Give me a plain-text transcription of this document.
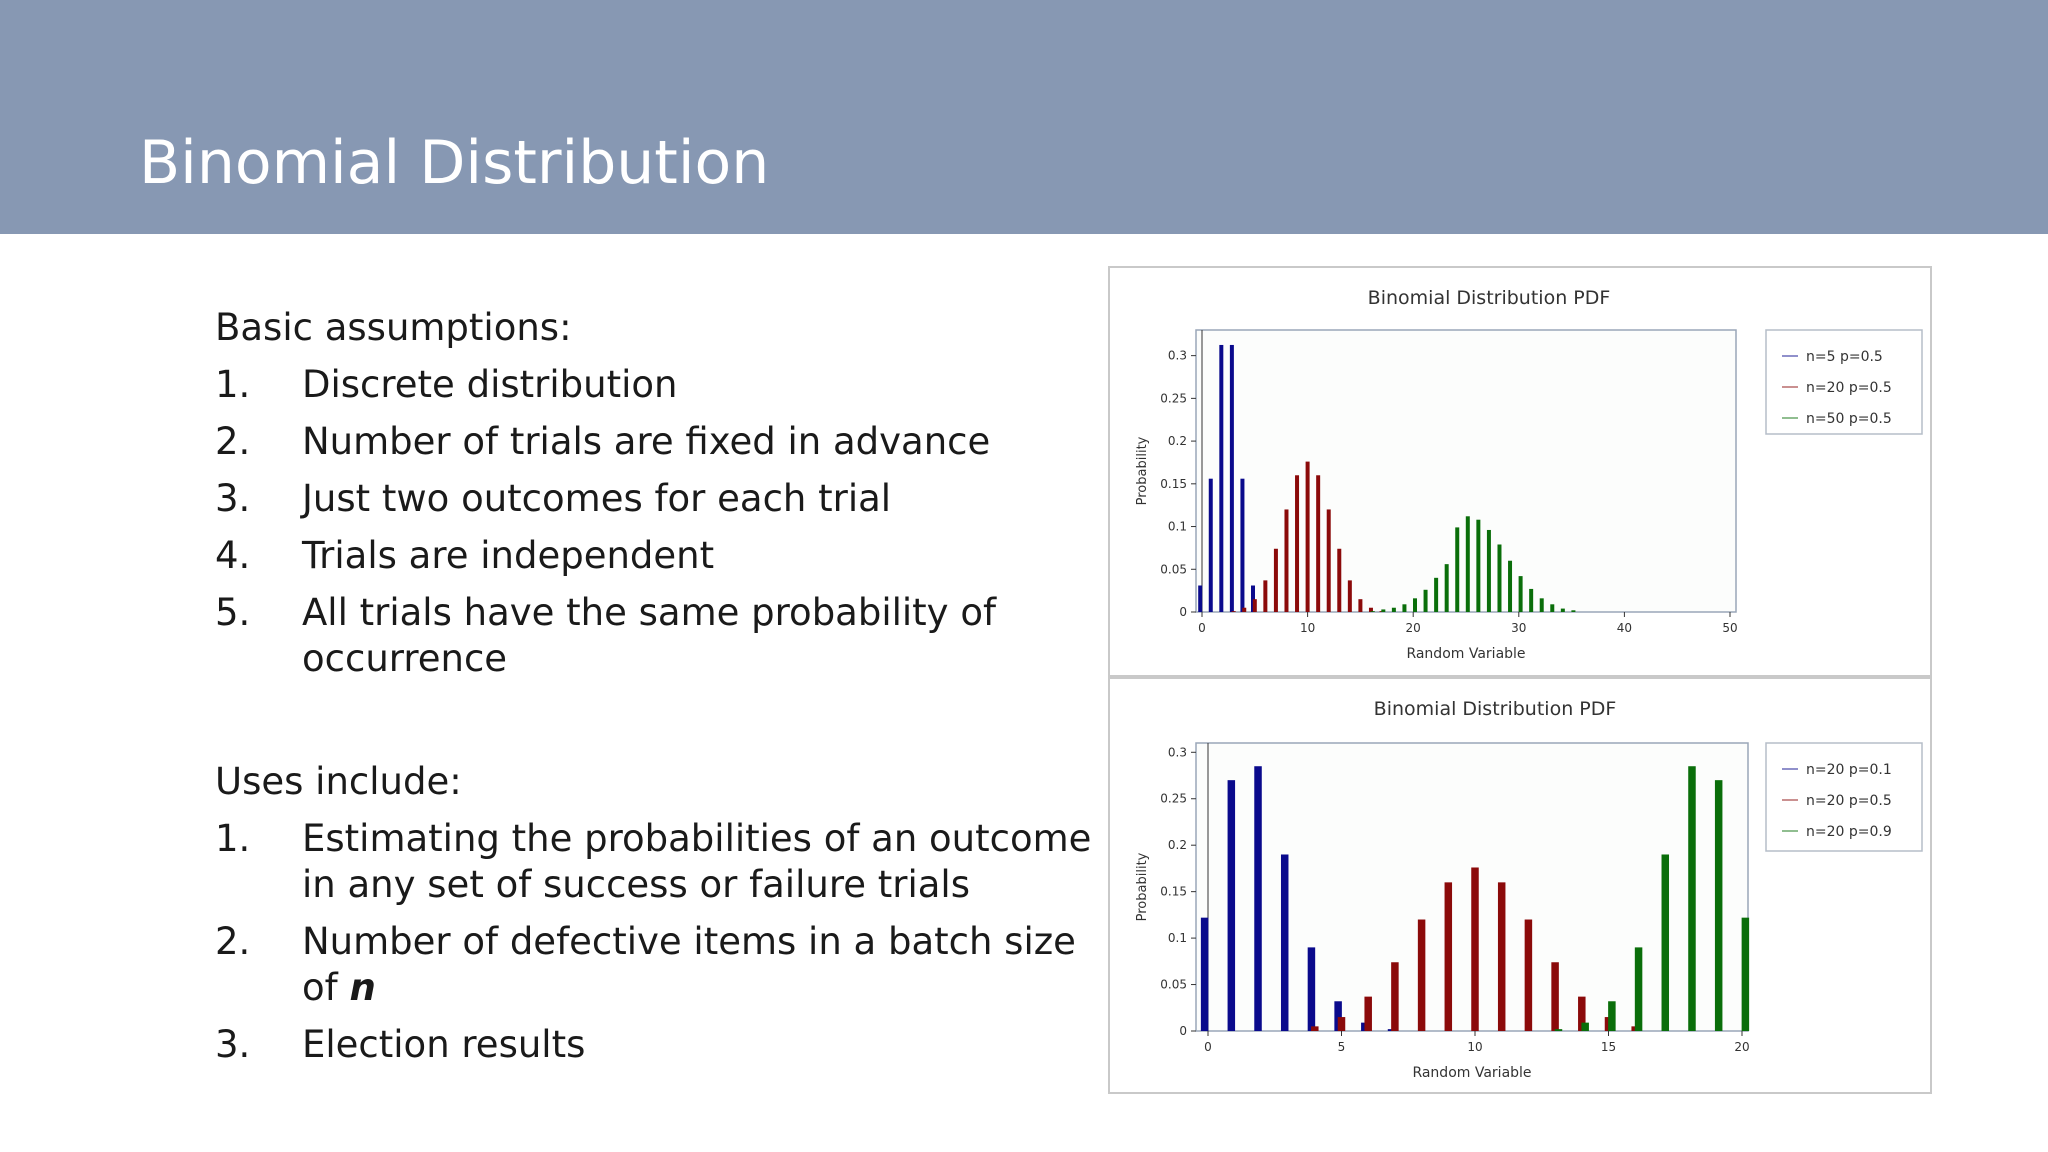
Binomial Distribution

Basic assumptions:

1.	Discrete distribution
2.	Number of trials are fixed in advance
3.	Just two outcomes for each trial
4.	Trials are independent
5.	All trials have the same probability of occurrence

Uses include:

1.	Estimating the probabilities of an outcome in any set of success or failure trials
2.	Number of defective items in a batch size of n
3.	Election results
Binomial Distribution PDF
0
0.05
0.1
0.15
0.2
0.25
0.3
0	10	20	30	40	50
Random Variable
Probability
n=5 p=0.5
n=20 p=0.5
n=50 p=0.5
Binomial Distribution PDF
0
0.05
0.1
0.15
0.2
0.25
0.3
0	5	10	15	20
Random Variable
Probability
n=20 p=0.1
n=20 p=0.5
n=20 p=0.9
